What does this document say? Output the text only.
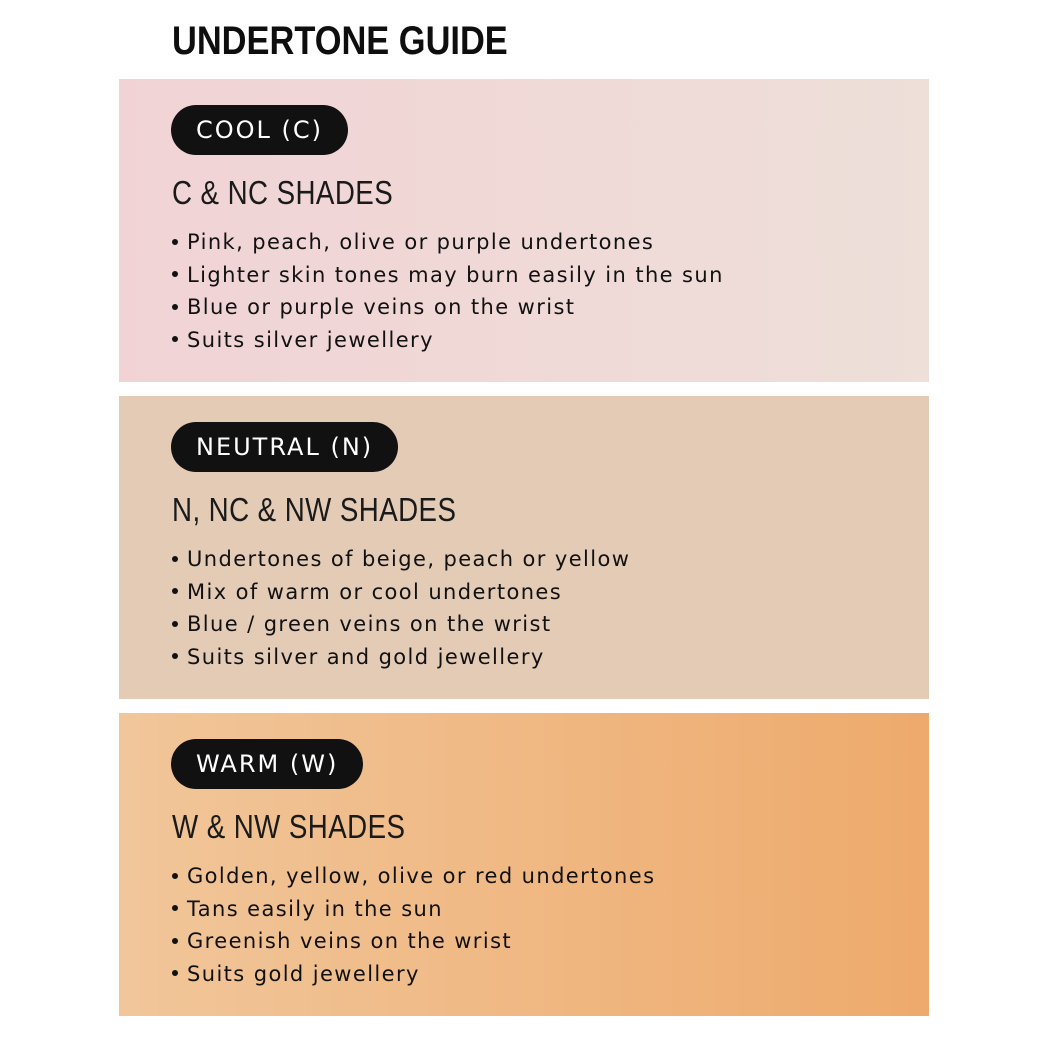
UNDERTONE GUIDE
COOL (C)
C & NC SHADES
Pink, peach, olive or purple undertones
Lighter skin tones may burn easily in the sun
Blue or purple veins on the wrist
Suits silver jewellery
NEUTRAL (N)
N, NC & NW SHADES
Undertones of beige, peach or yellow
Mix of warm or cool undertones
Blue / green veins on the wrist
Suits silver and gold jewellery
WARM (W)
W & NW SHADES
Golden, yellow, olive or red undertones
Tans easily in the sun
Greenish veins on the wrist
Suits gold jewellery
